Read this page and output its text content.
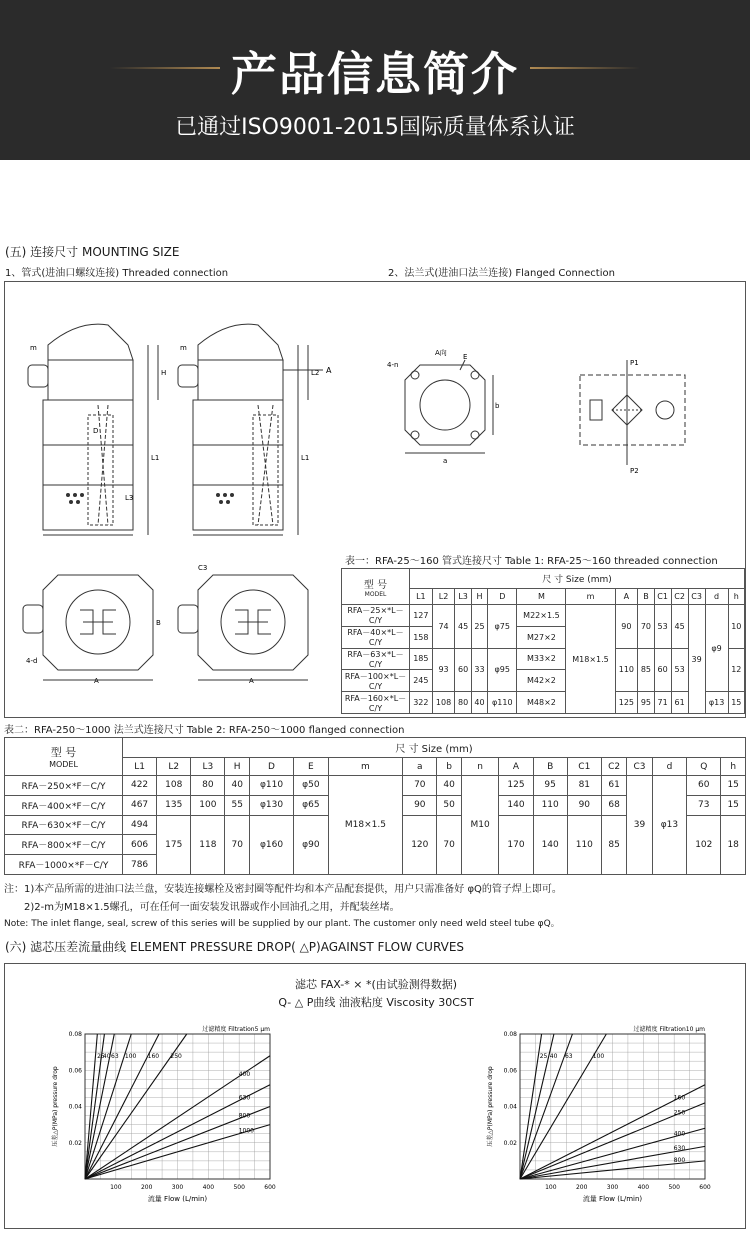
产品信息简介
已通过ISO9001-2015国际质量体系认证
(五) 连接尺寸 MOUNTING SIZE
1、管式(进油口螺纹连接) Threaded connection	2、法兰式(进油口法兰连接) Flanged Connection
m	m
L1
H
L1
L2 A
D
L3
A向
4-n
E
a
b
P1
P2
A	A
4-d
C3
B
表一：RFA-25～160 管式连接尺寸 Table 1: RFA-25～160 threaded connection
型 号
MODEL	尺 寸 Size (mm)													
	L1	L2	L3	H	D	M	m	A	B	C1	C2	C3	d	h
RFA－25×*L－C/Y	127	74	45	25	φ75	M22×1.5	M18×1.5	90	70	53	45	39	φ9	10
RFA－40×*L－C/Y	158					M27×2								
RFA－63×*L－C/Y	185	93	60	33	φ95	M33×2		110	85	60	53			12
RFA－100×*L－C/Y	245					M42×2								
RFA－160×*L－C/Y	322	108	80	40	φ110	M48×2		125	95	71	61		φ13	15
表二：RFA-250～1000 法兰式连接尺寸 Table 2: RFA-250～1000 flanged connection
型 号
MODEL	尺 寸 Size (mm)																	
	L1	L2	L3	H	D	E	m	a	b	n	A	B	C1	C2	C3	d	Q	h
RFA－250×*F－C/Y	422	108	80	40	φ110	φ50	M18×1.5	70	40	M10	125	95	81	61	39	φ13	60	15
RFA－400×*F－C/Y	467	135	100	55	φ130	φ65		90	50		140	110	90	68			73	15
RFA－630×*F－C/Y	494	175	118	70	φ160	φ90		120	70		170	140	110	85			102	18
RFA－800×*F－C/Y	606																	
RFA－1000×*F－C/Y	786																	
注：1)本产品所需的进油口法兰盘，安装连接螺栓及密封圈等配件均和本产品配套提供，用户只需准备好 φQ的管子焊上即可。
2)2-m为M18×1.5螺孔，可在任何一面安装发讯器或作小回油孔之用，并配装丝堵。
Note: The inlet flange, seal, screw of this series will be supplied by our plant. The customer only need weld steel tube φQ。
(六) 滤芯压差流量曲线 ELEMENT PRESSURE DROP( △P)AGAINST FLOW CURVES
滤芯 FAX-* × *(由试验测得数据)
Q- △ P曲线 油液粘度 Viscosity 30CST
100	200	300	400	500	600
0.02
0.04
0.06
0.08
流量 Flow (L/min)
压差△P(MPa) pressure drop
过滤精度 Filtration5 μm
25
40 63 100 160 250
400
630
800
1000
100	200	300	400	500	600
0.02
0.04
0.06
0.08
流量 Flow (L/min)
压差△P(MPa) pressure drop
过滤精度 Filtration10 μm
25 40 63	100
160
250
400
630
800
